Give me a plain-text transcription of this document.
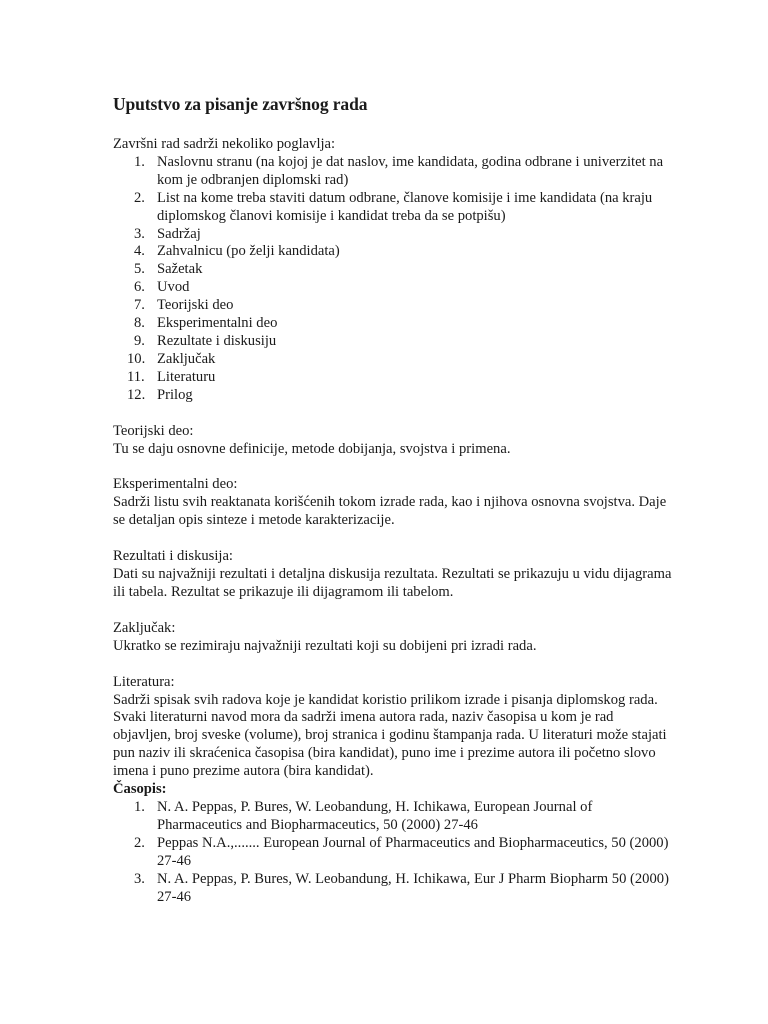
Uputstvo za pisanje završnog rada

Završni rad sadrži nekoliko poglavlja:

1. Naslovnu stranu (na kojoj je dat naslov, ime kandidata, godina odbrane i univerzitet na kom je odbranjen diplomski rad)
2. List na kome treba staviti datum odbrane, članove komisije i ime kandidata (na kraju diplomskog članovi komisije i kandidat treba da se potpišu)
3. Sadržaj
4. Zahvalnicu (po želji kandidata)
5. Sažetak
6. Uvod
7. Teorijski deo
8. Eksperimentalni deo
9. Rezultate i diskusiju
10. Zaključak
11. Literaturu
12. Prilog

Teorijski deo:

Tu se daju osnovne definicije, metode dobijanja, svojstva i primena.

Eksperimentalni deo:

Sadrži listu svih reaktanata korišćenih tokom izrade rada, kao i njihova osnovna svojstva. Daje se detaljan opis sinteze i metode karakterizacije.

Rezultati i diskusija:

Dati su najvažniji rezultati i detaljna diskusija rezultata. Rezultati se prikazuju u vidu dijagrama ili tabela. Rezultat se prikazuje ili dijagramom ili tabelom.

Zaključak:

Ukratko se rezimiraju najvažniji rezultati koji su dobijeni pri izradi rada.

Literatura:

Sadrži spisak svih radova koje je kandidat koristio prilikom izrade i pisanja diplomskog rada. Svaki literaturni navod mora da sadrži imena autora rada, naziv časopisa u kom je rad objavljen, broj sveske (volume), broj stranica i godinu štampanja rada. U literaturi može stajati pun naziv ili skraćenica časopisa (bira kandidat), puno ime i prezime autora ili početno slovo imena i puno prezime autora (bira kandidat).

Časopis:

1. N. A. Peppas, P. Bures, W. Leobandung, H. Ichikawa, European Journal of Pharmaceutics and Biopharmaceutics, 50 (2000) 27-46
2. Peppas N.A.,....... European Journal of Pharmaceutics and Biopharmaceutics, 50 (2000) 27-46
3. N. A. Peppas, P. Bures, W. Leobandung, H. Ichikawa, Eur J Pharm Biopharm 50 (2000) 27-46
